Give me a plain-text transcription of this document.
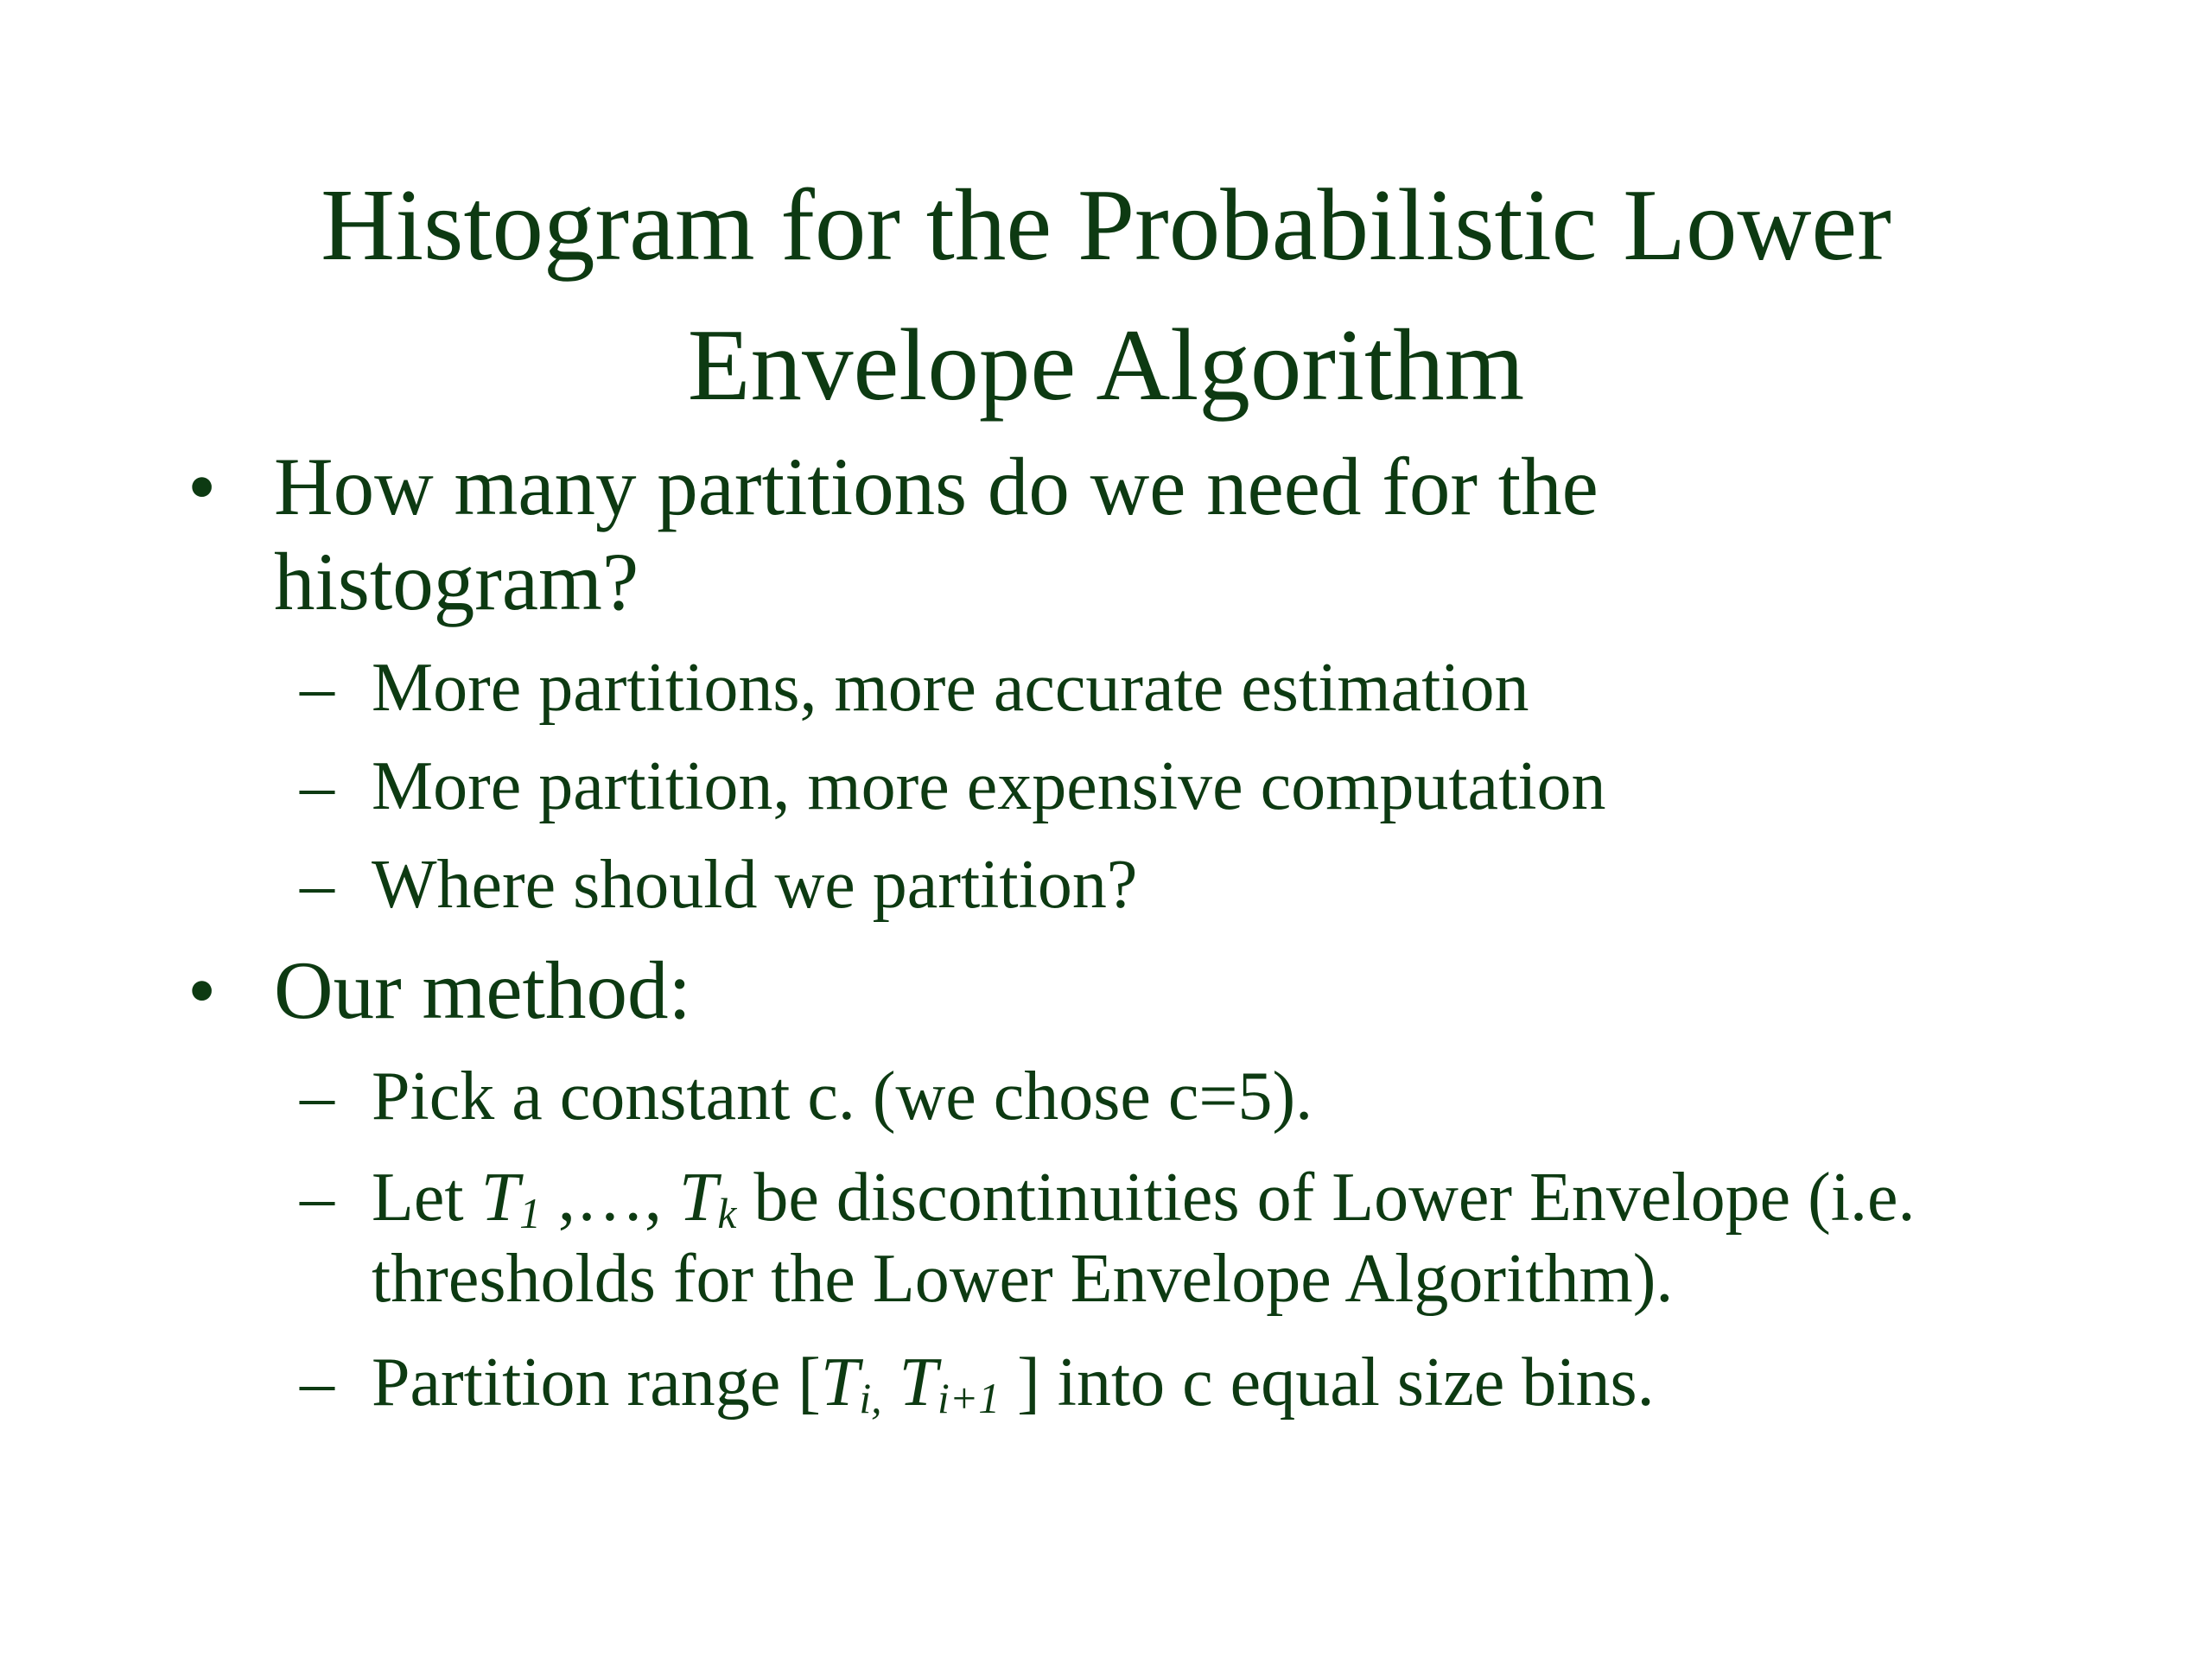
Histogram for the Probabilistic Lower
Envelope Algorithm
• How many partitions do we need for the
histogram?
– More partitions, more accurate estimation
– More partition, more expensive computation
– Where should we partition?
• Our method:
– Pick a constant c. (we chose c=5).
– Let T1 ,…, Tk be discontinuities of Lower Envelope (i.e.
thresholds for the Lower Envelope Algorithm).
– Partition range [Ti, Ti+1 ] into c equal size bins.
